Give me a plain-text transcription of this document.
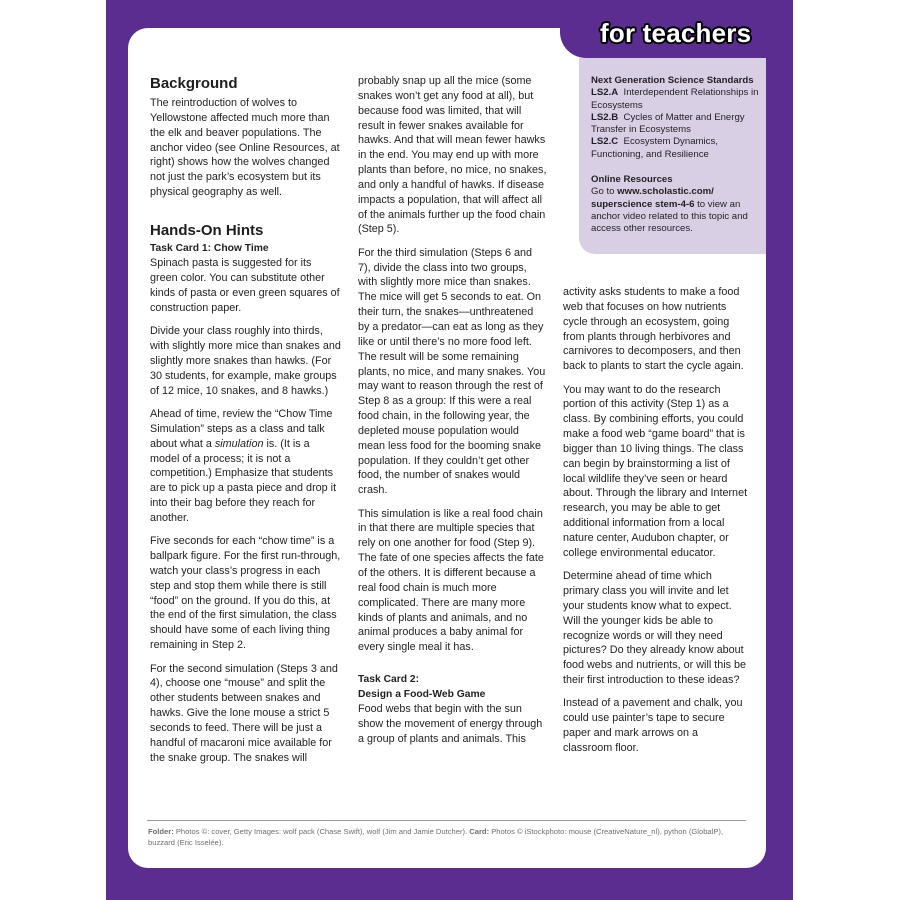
for teachers

Next Generation Science Standards

LS2.A Interdependent Relationships in Ecosystems

LS2.B Cycles of Matter and Energy Transfer in Ecosystems

LS2.C Ecosystem Dynamics, Functioning, and Resilience

Online Resources

Go to www.scholastic.com/ superscience stem-4-6 to view an anchor video related to this topic and access other resources.

Background

The reintroduction of wolves to Yellowstone affected much more than the elk and beaver populations. The anchor video (see Online Resources, at right) shows how the wolves changed not just the park’s ecosystem but its physical geography as well.

Hands-On Hints

Task Card 1: Chow Time

Spinach pasta is suggested for its green color. You can substitute other kinds of pasta or even green squares of construction paper.

Divide your class roughly into thirds, with slightly more mice than snakes and slightly more snakes than hawks. (For 30 students, for example, make groups of 12 mice, 10 snakes, and 8 hawks.)

Ahead of time, review the “Chow Time Simulation” steps as a class and talk about what a simulation is. (It is a model of a process; it is not a competition.) Emphasize that students are to pick up a pasta piece and drop it into their bag before they reach for another.

Five seconds for each “chow time” is a ballpark figure. For the first run-through, watch your class’s progress in each step and stop them while there is still “food” on the ground. If you do this, at the end of the first simulation, the class should have some of each living thing remaining in Step 2.

For the second simulation (Steps 3 and 4), choose one “mouse” and split the other students between snakes and hawks. Give the lone mouse a strict 5 seconds to feed. There will be just a handful of macaroni mice available for the snake group. The snakes will

probably snap up all the mice (some snakes won’t get any food at all), but because food was limited, that will result in fewer snakes available for hawks. And that will mean fewer hawks in the end. You may end up with more plants than before, no mice, no snakes, and only a handful of hawks. If disease impacts a population, that will affect all of the animals further up the food chain (Step 5).

For the third simulation (Steps 6 and 7), divide the class into two groups, with slightly more mice than snakes. The mice will get 5 seconds to eat. On their turn, the snakes—unthreatened by a predator—can eat as long as they like or until there’s no more food left. The result will be some remaining plants, no mice, and many snakes. You may want to reason through the rest of Step 8 as a group: If this were a real food chain, in the following year, the depleted mouse population would mean less food for the booming snake population. If they couldn’t get other food, the number of snakes would crash.

This simulation is like a real food chain in that there are multiple species that rely on one another for food (Step 9). The fate of one species affects the fate of the others. It is different because a real food chain is much more complicated. There are many more kinds of plants and animals, and no animal produces a baby animal for every single meal it has.

Task Card 2:

Design a Food-Web Game

Food webs that begin with the sun show the movement of energy through a group of plants and animals. This

activity asks students to make a food web that focuses on how nutrients cycle through an ecosystem, going from plants through herbivores and carnivores to decomposers, and then back to plants to start the cycle again.

You may want to do the research portion of this activity (Step 1) as a class. By combining efforts, you could make a food web “game board” that is bigger than 10 living things. The class can begin by brainstorming a list of local wildlife they’ve seen or heard about. Through the library and Internet research, you may be able to get additional information from a local nature center, Audubon chapter, or college environmental educator.

Determine ahead of time which primary class you will invite and let your students know what to expect. Will the younger kids be able to recognize words or will they need pictures? Do they already know about food webs and nutrients, or will this be their first introduction to these ideas?

Instead of a pavement and chalk, you could use painter’s tape to secure paper and mark arrows on a classroom floor.

Folder: Photos ©: cover, Getty Images: wolf pack (Chase Swift), wolf (Jim and Jamie Dutcher). Card: Photos © iStockphoto: mouse (CreativeNature_nl), python (GlobalP), buzzard (Eric Isselée).
